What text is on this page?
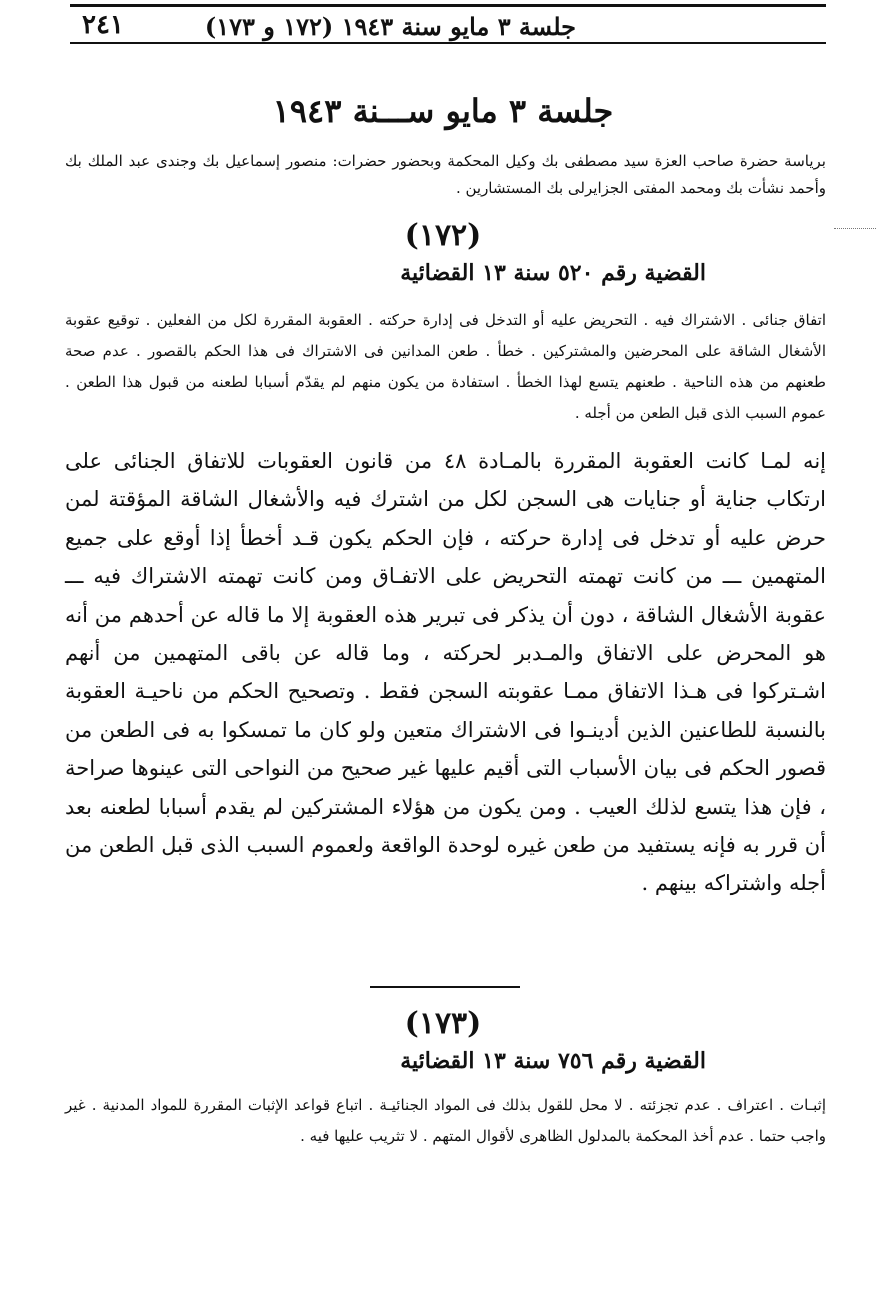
جلسة ٣ مايو سنة ١٩٤٣ (١٧٢ و ١٧٣)
٢٤١
جلسة ٣ مايو ســـنة ١٩٤٣
برياسة حضرة صاحب العزة سيد مصطفى بك وكيل المحكمة وبحضور حضرات: منصور إسماعيل بك وجندى عبد الملك بك وأحمد نشأت بك ومحمد المفتى الجزايرلى بك المستشارين .
(١٧٢)
القضية رقم ٥٢٠ سنة ١٣ القضائية
اتفاق جنائى . الاشتراك فيه . التحريض عليه أو التدخل فى إدارة حركته . العقوبة المقررة لكل من الفعلين . توقيع عقوبة الأشغال الشاقة على المحرضين والمشتركين . خطأ . طعن المدانين فى الاشتراك فى هذا الحكم بالقصور . عدم صحة طعنهم من هذه الناحية . طعنهم يتسع لهذا الخطأ . استفادة من يكون منهم لم يقدّم أسبابا لطعنه من قبول هذا الطعن . عموم السبب الذى قبل الطعن من أجله .
إنه لمـا كانت العقوبة المقررة بالمـادة ٤٨ من قانون العقوبات للاتفاق الجنائى على ارتكاب جناية أو جنايات هى السجن لكل من اشترك فيه والأشغال الشاقة المؤقتة لمن حرض عليه أو تدخل فى إدارة حركته ، فإن الحكم يكون قـد أخطأ إذا أوقع على جميع المتهمين ـــ من كانت تهمته التحريض على الاتفـاق ومن كانت تهمته الاشتراك فيه ـــ عقوبة الأشغال الشاقة ، دون أن يذكر فى تبرير هذه العقوبة إلا ما قاله عن أحدهم من أنه هو المحرض على الاتفاق والمـدبر لحركته ، وما قاله عن باقى المتهمين من أنهم اشـتركوا فى هـذا الاتفاق ممـا عقوبته السجن فقط . وتصحيح الحكم من ناحيـة العقوبة بالنسبة للطاعنين الذين أدينـوا فى الاشتراك متعين ولو كان ما تمسكوا به فى الطعن من قصور الحكم فى بيان الأسباب التى أقيم عليها غير صحيح من النواحى التى عينوها صراحة ، فإن هذا يتسع لذلك العيب . ومن يكون من هؤلاء المشتركين لم يقدم أسبابا لطعنه بعد أن قرر به فإنه يستفيد من طعن غيره لوحدة الواقعة ولعموم السبب الذى قبل الطعن من أجله واشتراكه بينهم .
(١٧٣)
القضية رقم ٧٥٦ سنة ١٣ القضائية
إثبـات . اعتراف . عدم تجزئته . لا محل للقول بذلك فى المواد الجنائيـة . اتباع قواعد الإثبات المقررة للمواد المدنية . غير واجب حتما . عدم أخذ المحكمة بالمدلول الظاهرى لأقوال المتهم . لا تثريب عليها فيه .
